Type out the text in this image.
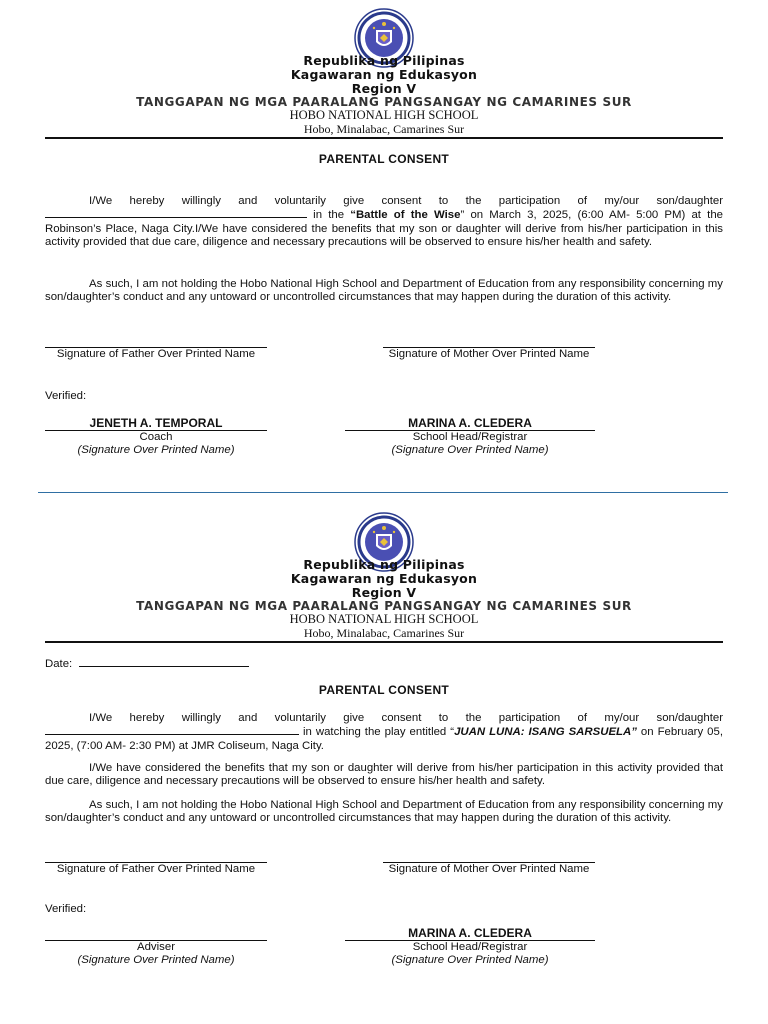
Republika ng Pilipinas
Kagawaran ng Edukasyon
Region V
TANGGAPAN NG MGA PAARALANG PANGSANGAY NG CAMARINES SUR
HOBO NATIONAL HIGH SCHOOL
Hobo, Minalabac, Camarines Sur
PARENTAL CONSENT
I/We hereby willingly and voluntarily give consent to the participation of my/our son/daughter  in the “Battle of the Wise” on March 3, 2025, (6:00 AM- 5:00 PM) at the Robinson’s Place, Naga City.I/We have considered the benefits that my son or daughter will derive from his/her participation in this activity provided that due care, diligence and necessary precautions will be observed to ensure his/her health and safety.
As such, I am not holding the Hobo National High School and Department of Education from any responsibility concerning my son/daughter’s conduct and any untoward or uncontrolled circumstances that may happen during the duration of this activity.
Signature of Father Over Printed Name	Signature of Mother Over Printed Name
Verified:
JENETH A. TEMPORAL
Coach
(Signature Over Printed Name)
MARINA A. CLEDERA
School Head/Registrar
(Signature Over Printed Name)
Republika ng Pilipinas
Kagawaran ng Edukasyon
Region V
TANGGAPAN NG MGA PAARALANG PANGSANGAY NG CAMARINES SUR
HOBO NATIONAL HIGH SCHOOL
Hobo, Minalabac, Camarines Sur
Date:
PARENTAL CONSENT
I/We hereby willingly and voluntarily give consent to the participation of my/our son/daughter  in watching the play entitled “JUAN LUNA: ISANG SARSUELA” on February 05, 2025, (7:00 AM- 2:30 PM) at JMR Coliseum, Naga City.
I/We have considered the benefits that my son or daughter will derive from his/her participation in this activity provided that due care, diligence and necessary precautions will be observed to ensure his/her health and safety.
As such, I am not holding the Hobo National High School and Department of Education from any responsibility concerning my son/daughter’s conduct and any untoward or uncontrolled circumstances that may happen during the duration of this activity.
Signature of Father Over Printed Name	Signature of Mother Over Printed Name
Verified:
Adviser
(Signature Over Printed Name)
MARINA A. CLEDERA
School Head/Registrar
(Signature Over Printed Name)
